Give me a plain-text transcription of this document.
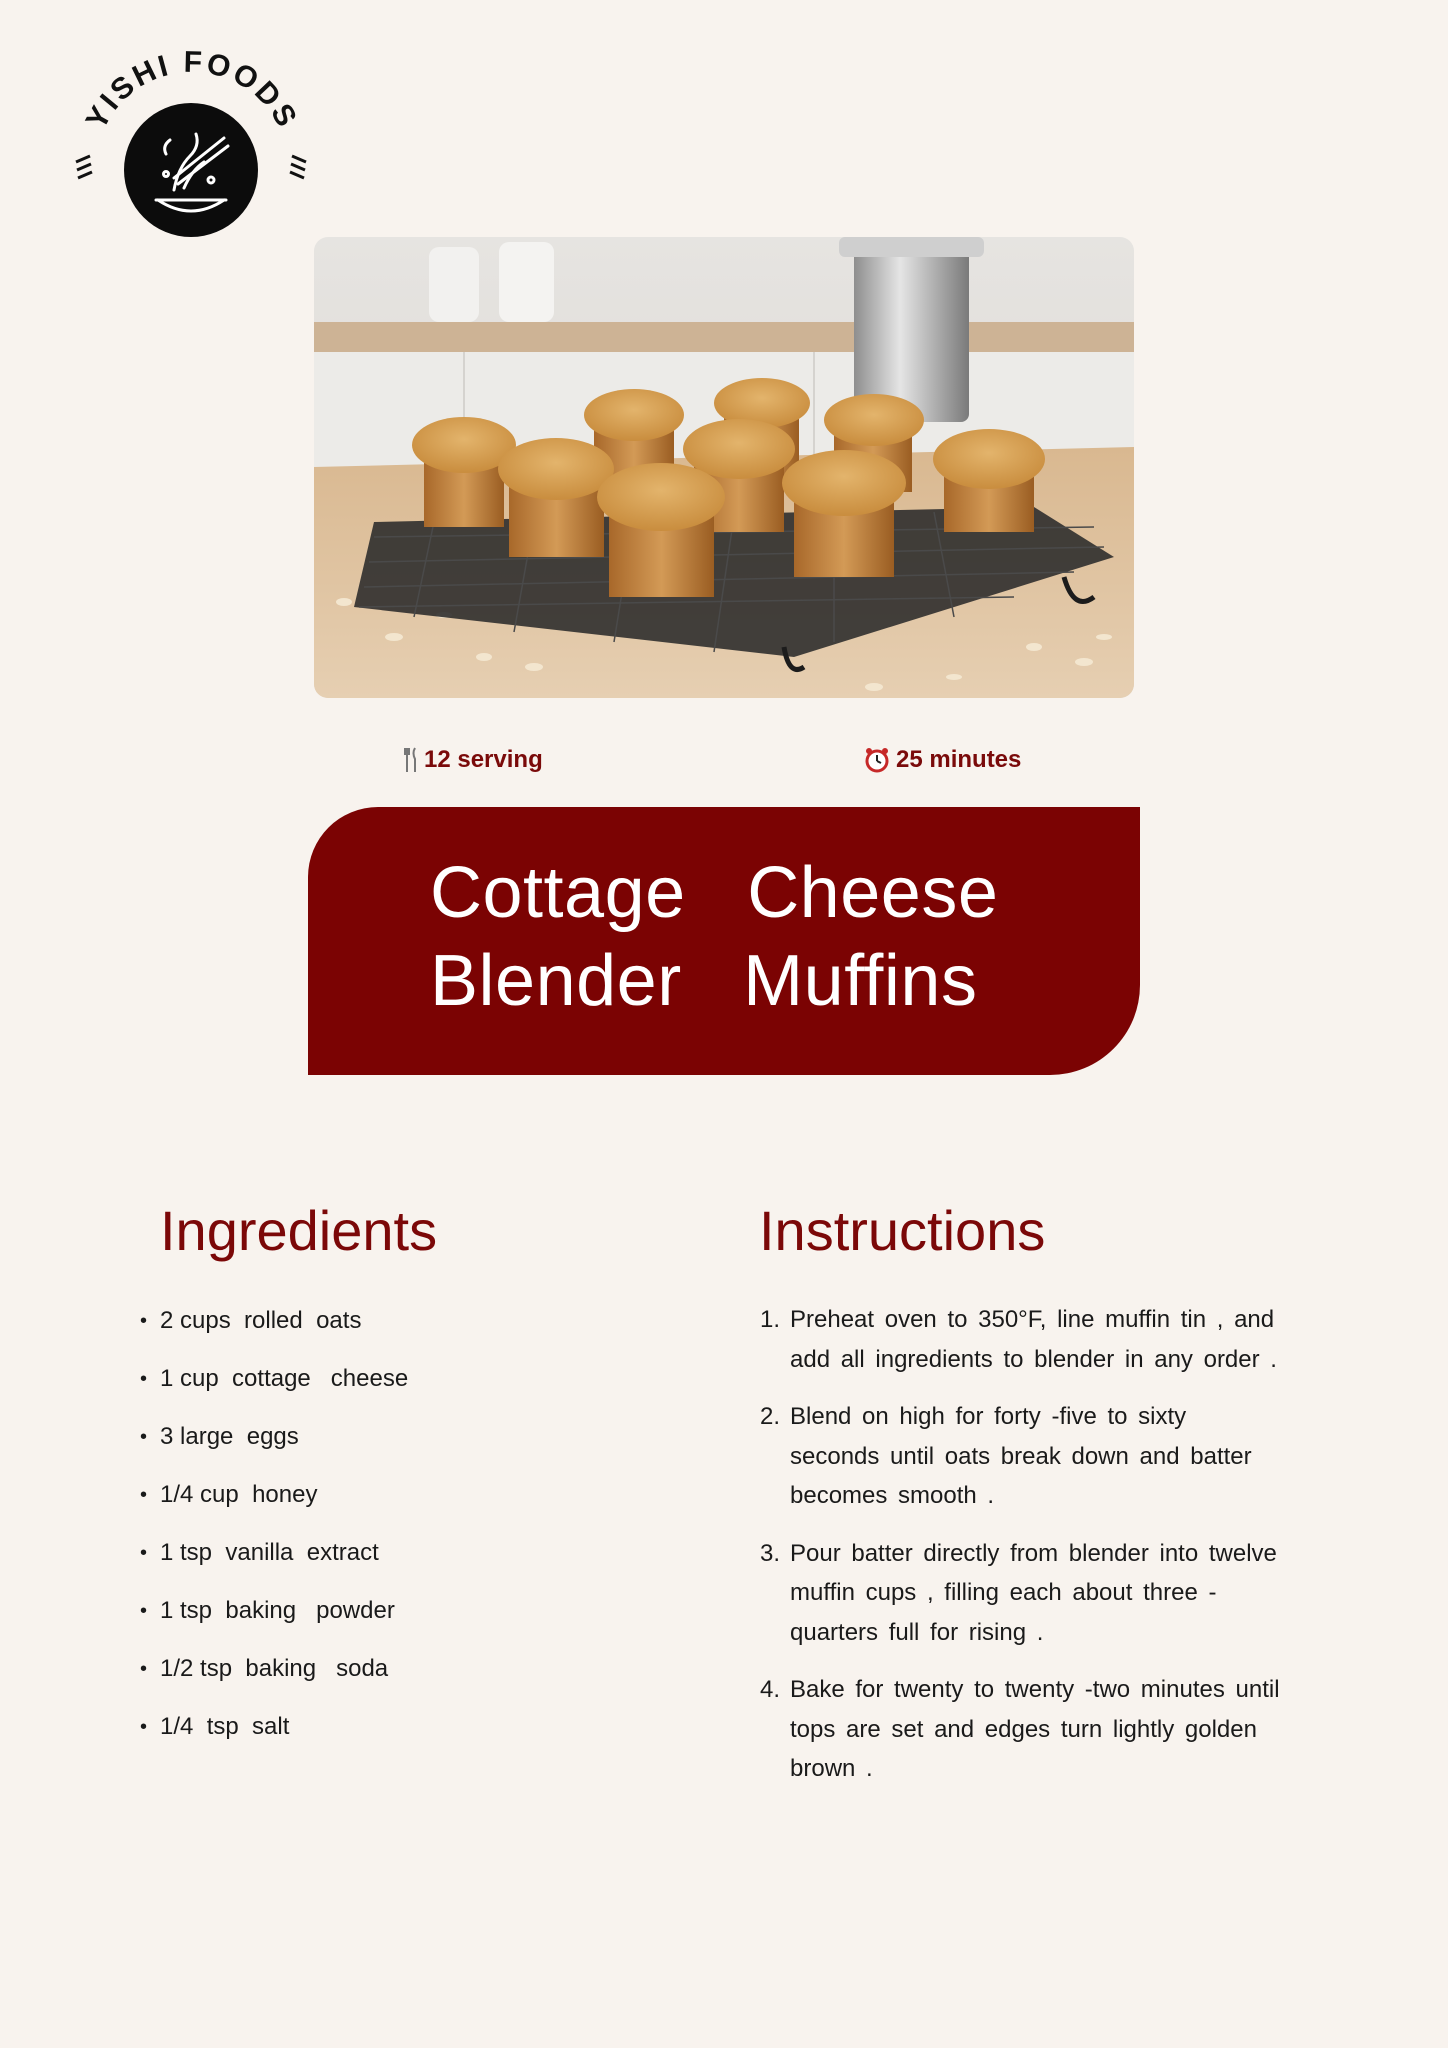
YISHI FOODS
12 serving	25 minutes
Cottage   Cheese
Blender   Muffins
Ingredients
• 2 cups  rolled  oats
• 1 cup  cottage   cheese
• 3 large  eggs
• 1/4 cup  honey
• 1 tsp  vanilla  extract
• 1 tsp  baking   powder
• 1/2 tsp  baking   soda
• 1/4  tsp  salt
Instructions
1. Preheat oven to 350°F, line muffin tin , and add all ingredients to blender in any order .
2. Blend on high for forty -five to sixty seconds until oats break down and batter becomes smooth .
3. Pour batter directly from blender into twelve muffin cups , filling each about three -quarters full for rising .
4. Bake for twenty to twenty -two minutes until tops are set and edges turn lightly golden brown .
